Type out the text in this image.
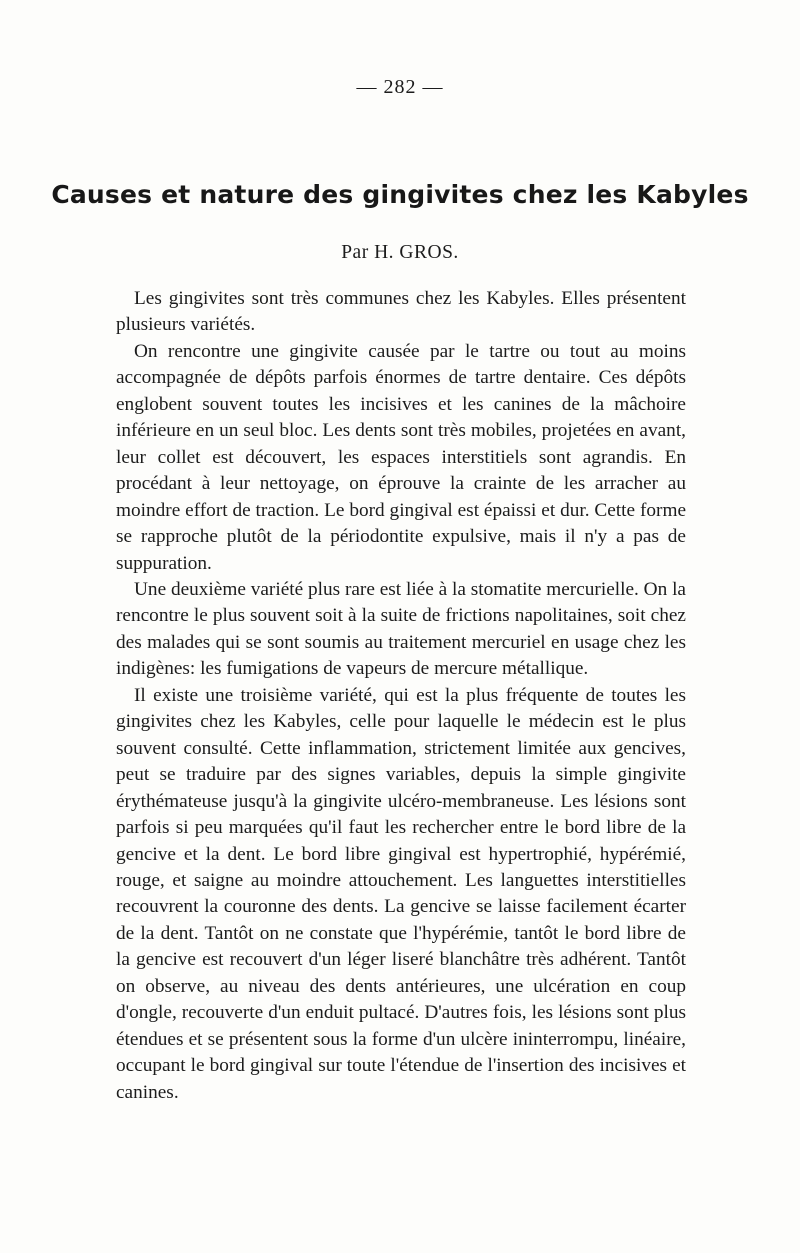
— 282 —
Causes et nature des gingivites chez les Kabyles
Par H. GROS.

Les gingivites sont très communes chez les Kabyles. Elles présentent plusieurs variétés.

On rencontre une gingivite causée par le tartre ou tout au moins accompagnée de dépôts parfois énormes de tartre dentaire. Ces dépôts englobent souvent toutes les incisives et les canines de la mâchoire inférieure en un seul bloc. Les dents sont très mobiles, projetées en avant, leur collet est découvert, les espaces interstitiels sont agrandis. En procédant à leur nettoyage, on éprouve la crainte de les arracher au moindre effort de traction. Le bord gingival est épaissi et dur. Cette forme se rapproche plutôt de la périodontite expulsive, mais il n'y a pas de suppuration.

Une deuxième variété plus rare est liée à la stomatite mercurielle. On la rencontre le plus souvent soit à la suite de frictions napolitaines, soit chez des malades qui se sont soumis au traitement mercuriel en usage chez les indigènes: les fumigations de vapeurs de mercure métallique.

Il existe une troisième variété, qui est la plus fréquente de toutes les gingivites chez les Kabyles, celle pour laquelle le médecin est le plus souvent consulté. Cette inflammation, strictement limitée aux gencives, peut se traduire par des signes variables, depuis la simple gingivite érythémateuse jusqu'à la gingivite ulcéro-membraneuse. Les lésions sont parfois si peu marquées qu'il faut les rechercher entre le bord libre de la gencive et la dent. Le bord libre gingival est hypertrophié, hypérémié, rouge, et saigne au moindre attouchement. Les languettes interstitielles recouvrent la couronne des dents. La gencive se laisse facilement écarter de la dent. Tantôt on ne constate que l'hypérémie, tantôt le bord libre de la gencive est recouvert d'un léger liseré blanchâtre très adhérent. Tantôt on observe, au niveau des dents antérieures, une ulcération en coup d'ongle, recouverte d'un enduit pultacé. D'autres fois, les lésions sont plus étendues et se présentent sous la forme d'un ulcère ininterrompu, linéaire, occupant le bord gingival sur toute l'étendue de l'insertion des incisives et canines.
